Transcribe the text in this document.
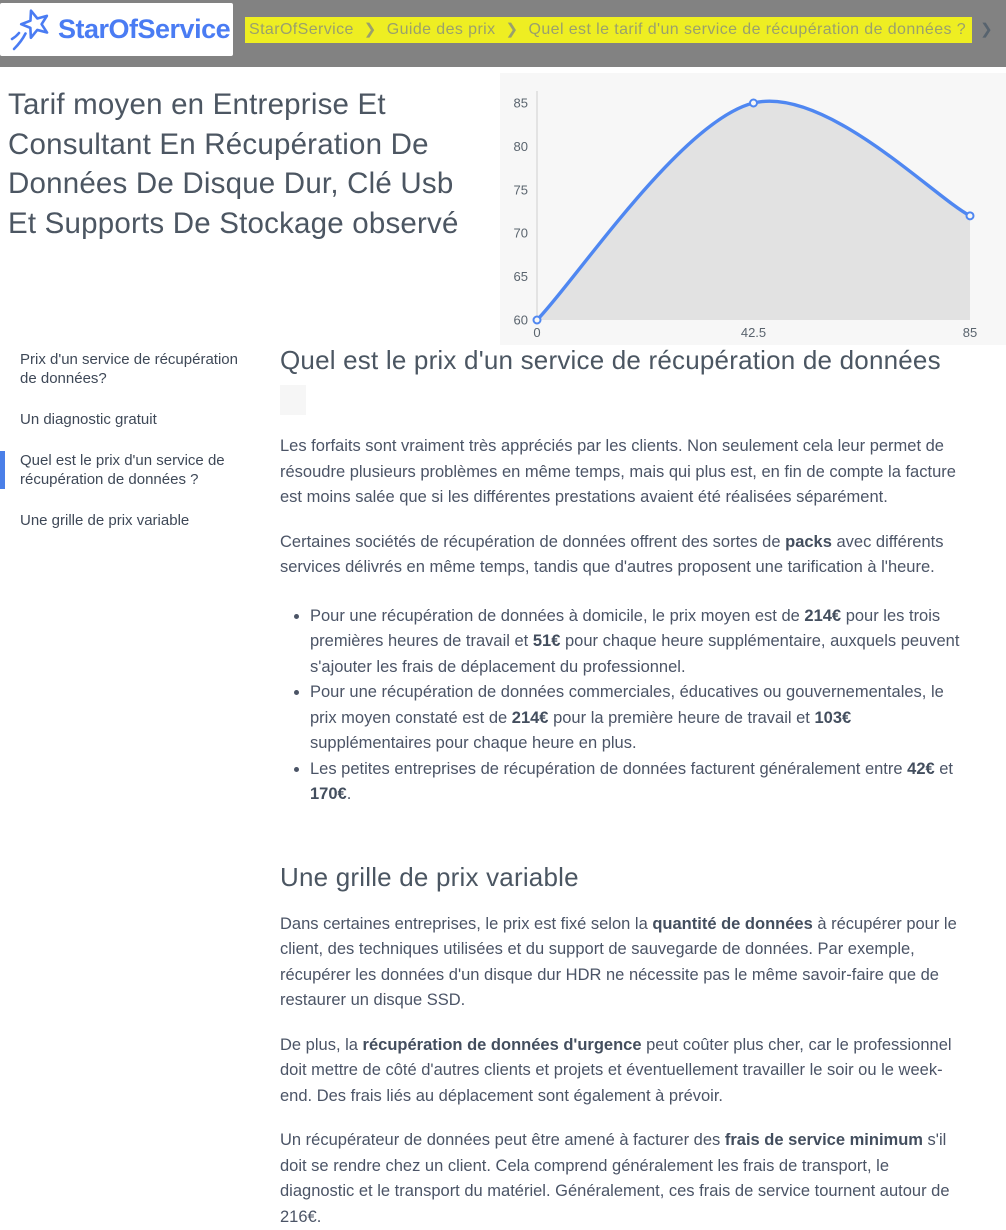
StarOfService StarOfService ❯ Guide des prix ❯ Quel est le tarif d'un service de récupération de données ? ❯
Tarif moyen en Entreprise Et Consultant En Récupération De Données De Disque Dur, Clé Usb Et Supports De Stockage observé
85
80
75
70
65
60
0	42.5	85
Prix d'un service de récupération de données?
Un diagnostic gratuit
Quel est le prix d'un service de récupération de données ?
Une grille de prix variable
Quel est le prix d'un service de récupération de données

Les forfaits sont vraiment très appréciés par les clients. Non seulement cela leur permet de résoudre plusieurs problèmes en même temps, mais qui plus est, en fin de compte la facture est moins salée que si les différentes prestations avaient été réalisées séparément.

Certaines sociétés de récupération de données offrent des sortes de packs avec différents services délivrés en même temps, tandis que d'autres proposent une tarification à l'heure.

• Pour une récupération de données à domicile, le prix moyen est de 214€ pour les trois premières heures de travail et 51€ pour chaque heure supplémentaire, auxquels peuvent s'ajouter les frais de déplacement du professionnel.
• Pour une récupération de données commerciales, éducatives ou gouvernementales, le prix moyen constaté est de 214€ pour la première heure de travail et 103€ supplémentaires pour chaque heure en plus.
• Les petites entreprises de récupération de données facturent généralement entre 42€ et 170€.
Une grille de prix variable

Dans certaines entreprises, le prix est fixé selon la quantité de données à récupérer pour le client, des techniques utilisées et du support de sauvegarde de données. Par exemple, récupérer les données d'un disque dur HDR ne nécessite pas le même savoir-faire que de restaurer un disque SSD.

De plus, la récupération de données d'urgence peut coûter plus cher, car le professionnel doit mettre de côté d'autres clients et projets et éventuellement travailler le soir ou le week-end. Des frais liés au déplacement sont également à prévoir.

Un récupérateur de données peut être amené à facturer des frais de service minimum s'il doit se rendre chez un client. Cela comprend généralement les frais de transport, le diagnostic et le transport du matériel. Généralement, ces frais de service tournent autour de 216€.
